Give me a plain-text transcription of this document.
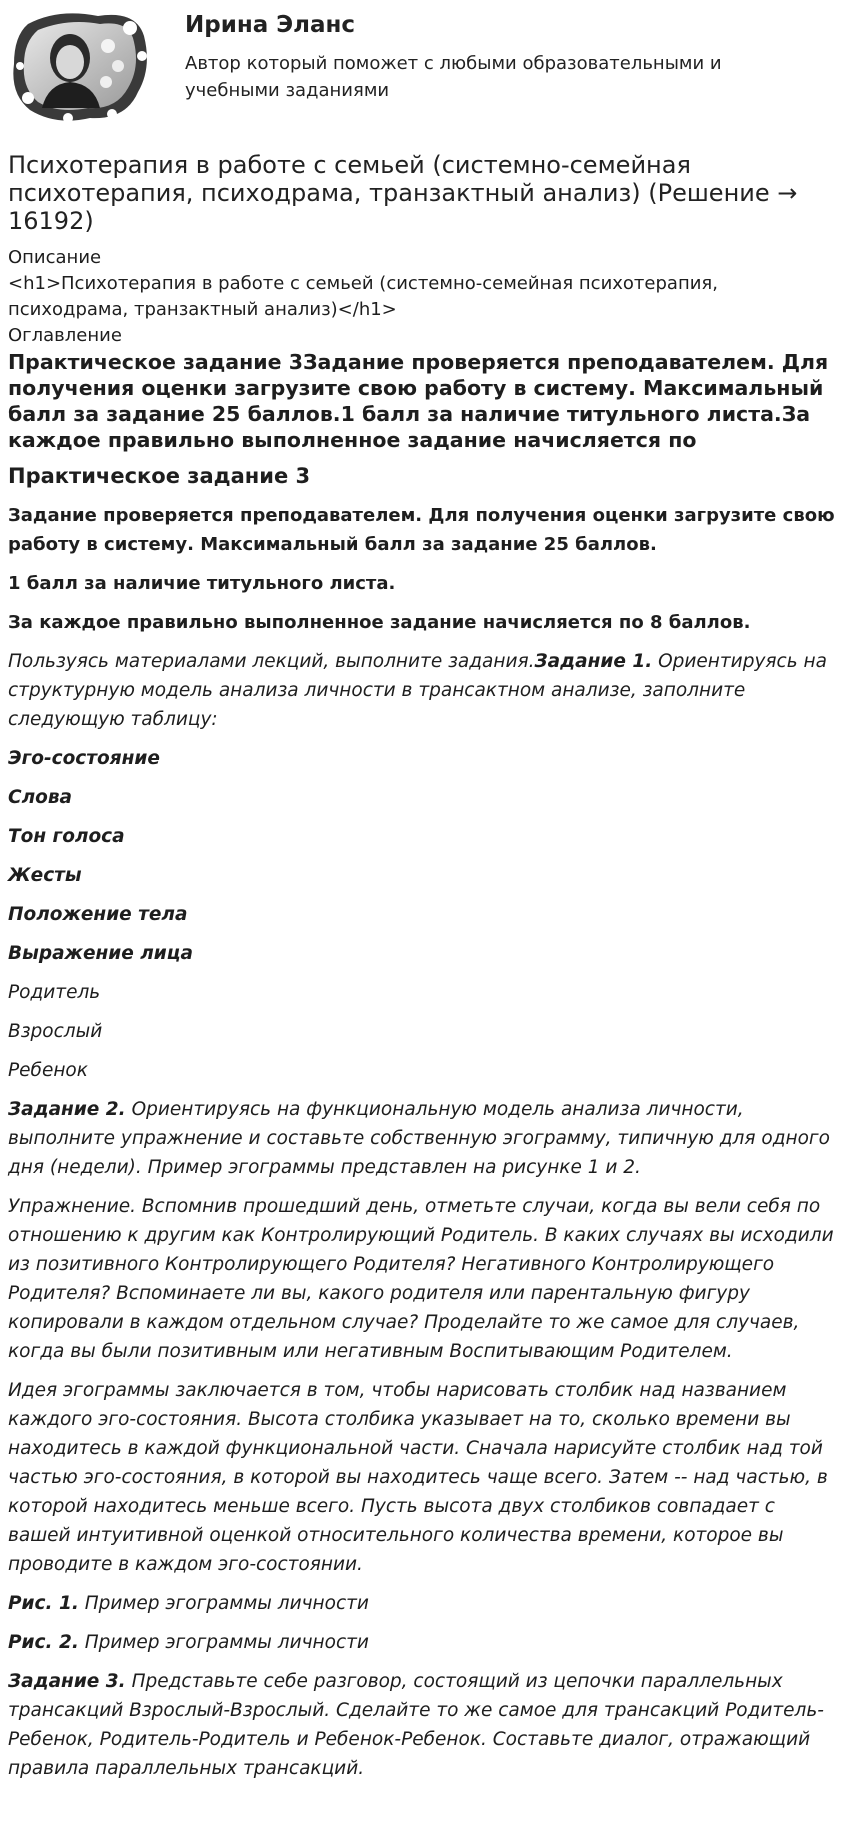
Ирина Эланс

Автор который поможет с любыми образовательными и учебными заданиями

Психотерапия в работе с семьей (системно-семейная психотерапия, психодрама, транзактный анализ) (Решение → 16192)

Описание

<h1>Психотерапия в работе с семьей (системно-семейная психотерапия, психодрама, транзактный анализ)</h1>

Оглавление

Практическое задание 3Задание проверяется преподавателем. Для получения оценки загрузите свою работу в систему. Максимальный балл за задание 25 баллов.1 балл за наличие титульного листа.За каждое правильно выполненное задание начисляется по

Практическое задание 3

Задание проверяется преподавателем. Для получения оценки загрузите свою работу в систему. Максимальный балл за задание 25 баллов.

1 балл за наличие титульного листа.

За каждое правильно выполненное задание начисляется по 8 баллов.

Пользуясь материалами лекций, выполните задания.Задание 1. Ориентируясь на структурную модель анализа личности в трансактном анализе, заполните следующую таблицу:

Эго-состояние

Слова

Тон голоса

Жесты

Положение тела

Выражение лица

Родитель

Взрослый

Ребенок

Задание 2. Ориентируясь на функциональную модель анализа личности, выполните упражнение и составьте собственную эгограмму, типичную для одного дня (недели). Пример эгограммы представлен на рисунке 1 и 2.

Упражнение. Вспомнив прошедший день, отметьте случаи, когда вы вели себя по отношению к другим как Контролирующий Родитель. В каких случаях вы исходили из позитивного Контролирующего Родителя? Негативного Контролирующего Родителя? Вспоминаете ли вы, какого родителя или парентальную фигуру копировали в каждом отдельном случае? Проделайте то же самое для случаев, когда вы были позитивным или негативным Воспитывающим Родителем.

Идея эгограммы заключается в том, чтобы нарисовать столбик над названием каждого эго-состояния. Высота столбика указывает на то, сколько времени вы находитесь в каждой функциональной части. Сначала нарисуйте столбик над той частью эго-состояния, в которой вы находитесь чаще всего. Затем -- над частью, в которой находитесь меньше всего. Пусть высота двух столбиков совпадает с вашей интуитивной оценкой относительного количества времени, которое вы проводите в каждом эго-состоянии.

Рис. 1. Пример эгограммы личности

Рис. 2. Пример эгограммы личности

Задание 3. Представьте себе разговор, состоящий из цепочки параллельных трансакций Взрослый-Взрослый. Сделайте то же самое для трансакций Родитель-Ребенок, Родитель-Родитель и Ребенок-Ребенок. Составьте диалог, отражающий правила параллельных трансакций.
